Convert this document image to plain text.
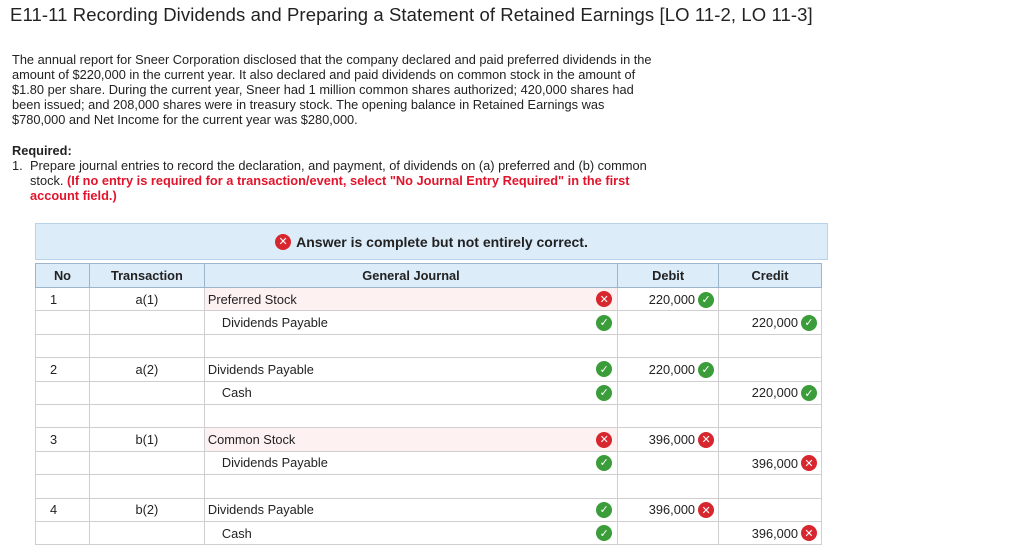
E11-11 Recording Dividends and Preparing a Statement of Retained Earnings [LO 11-2, LO 11-3]

The annual report for Sneer Corporation disclosed that the company declared and paid preferred dividends in the amount of $220,000 in the current year. It also declared and paid dividends on common stock in the amount of $1.80 per share. During the current year, Sneer had 1 million common shares authorized; 420,000 shares had been issued; and 208,000 shares were in treasury stock. The opening balance in Retained Earnings was $780,000 and Net Income for the current year was $280,000.

Required:
1. Prepare journal entries to record the declaration, and payment, of dividends on (a) preferred and (b) common stock. (If no entry is required for a transaction/event, select "No Journal Entry Required" in the first account field.)
✕ Answer is complete but not entirely correct.
No	Transaction	General Journal	Debit	Credit
1	a(1)	Preferred Stock ✕	220,000 ✓	
		Dividends Payable ✓		220,000 ✓

2	a(2)	Dividends Payable ✓	220,000 ✓	
		Cash ✓		220,000 ✓

3	b(1)	Common Stock ✕	396,000 ✕	
		Dividends Payable ✓		396,000 ✕

4	b(2)	Dividends Payable ✓	396,000 ✕	
		Cash ✓		396,000 ✕
